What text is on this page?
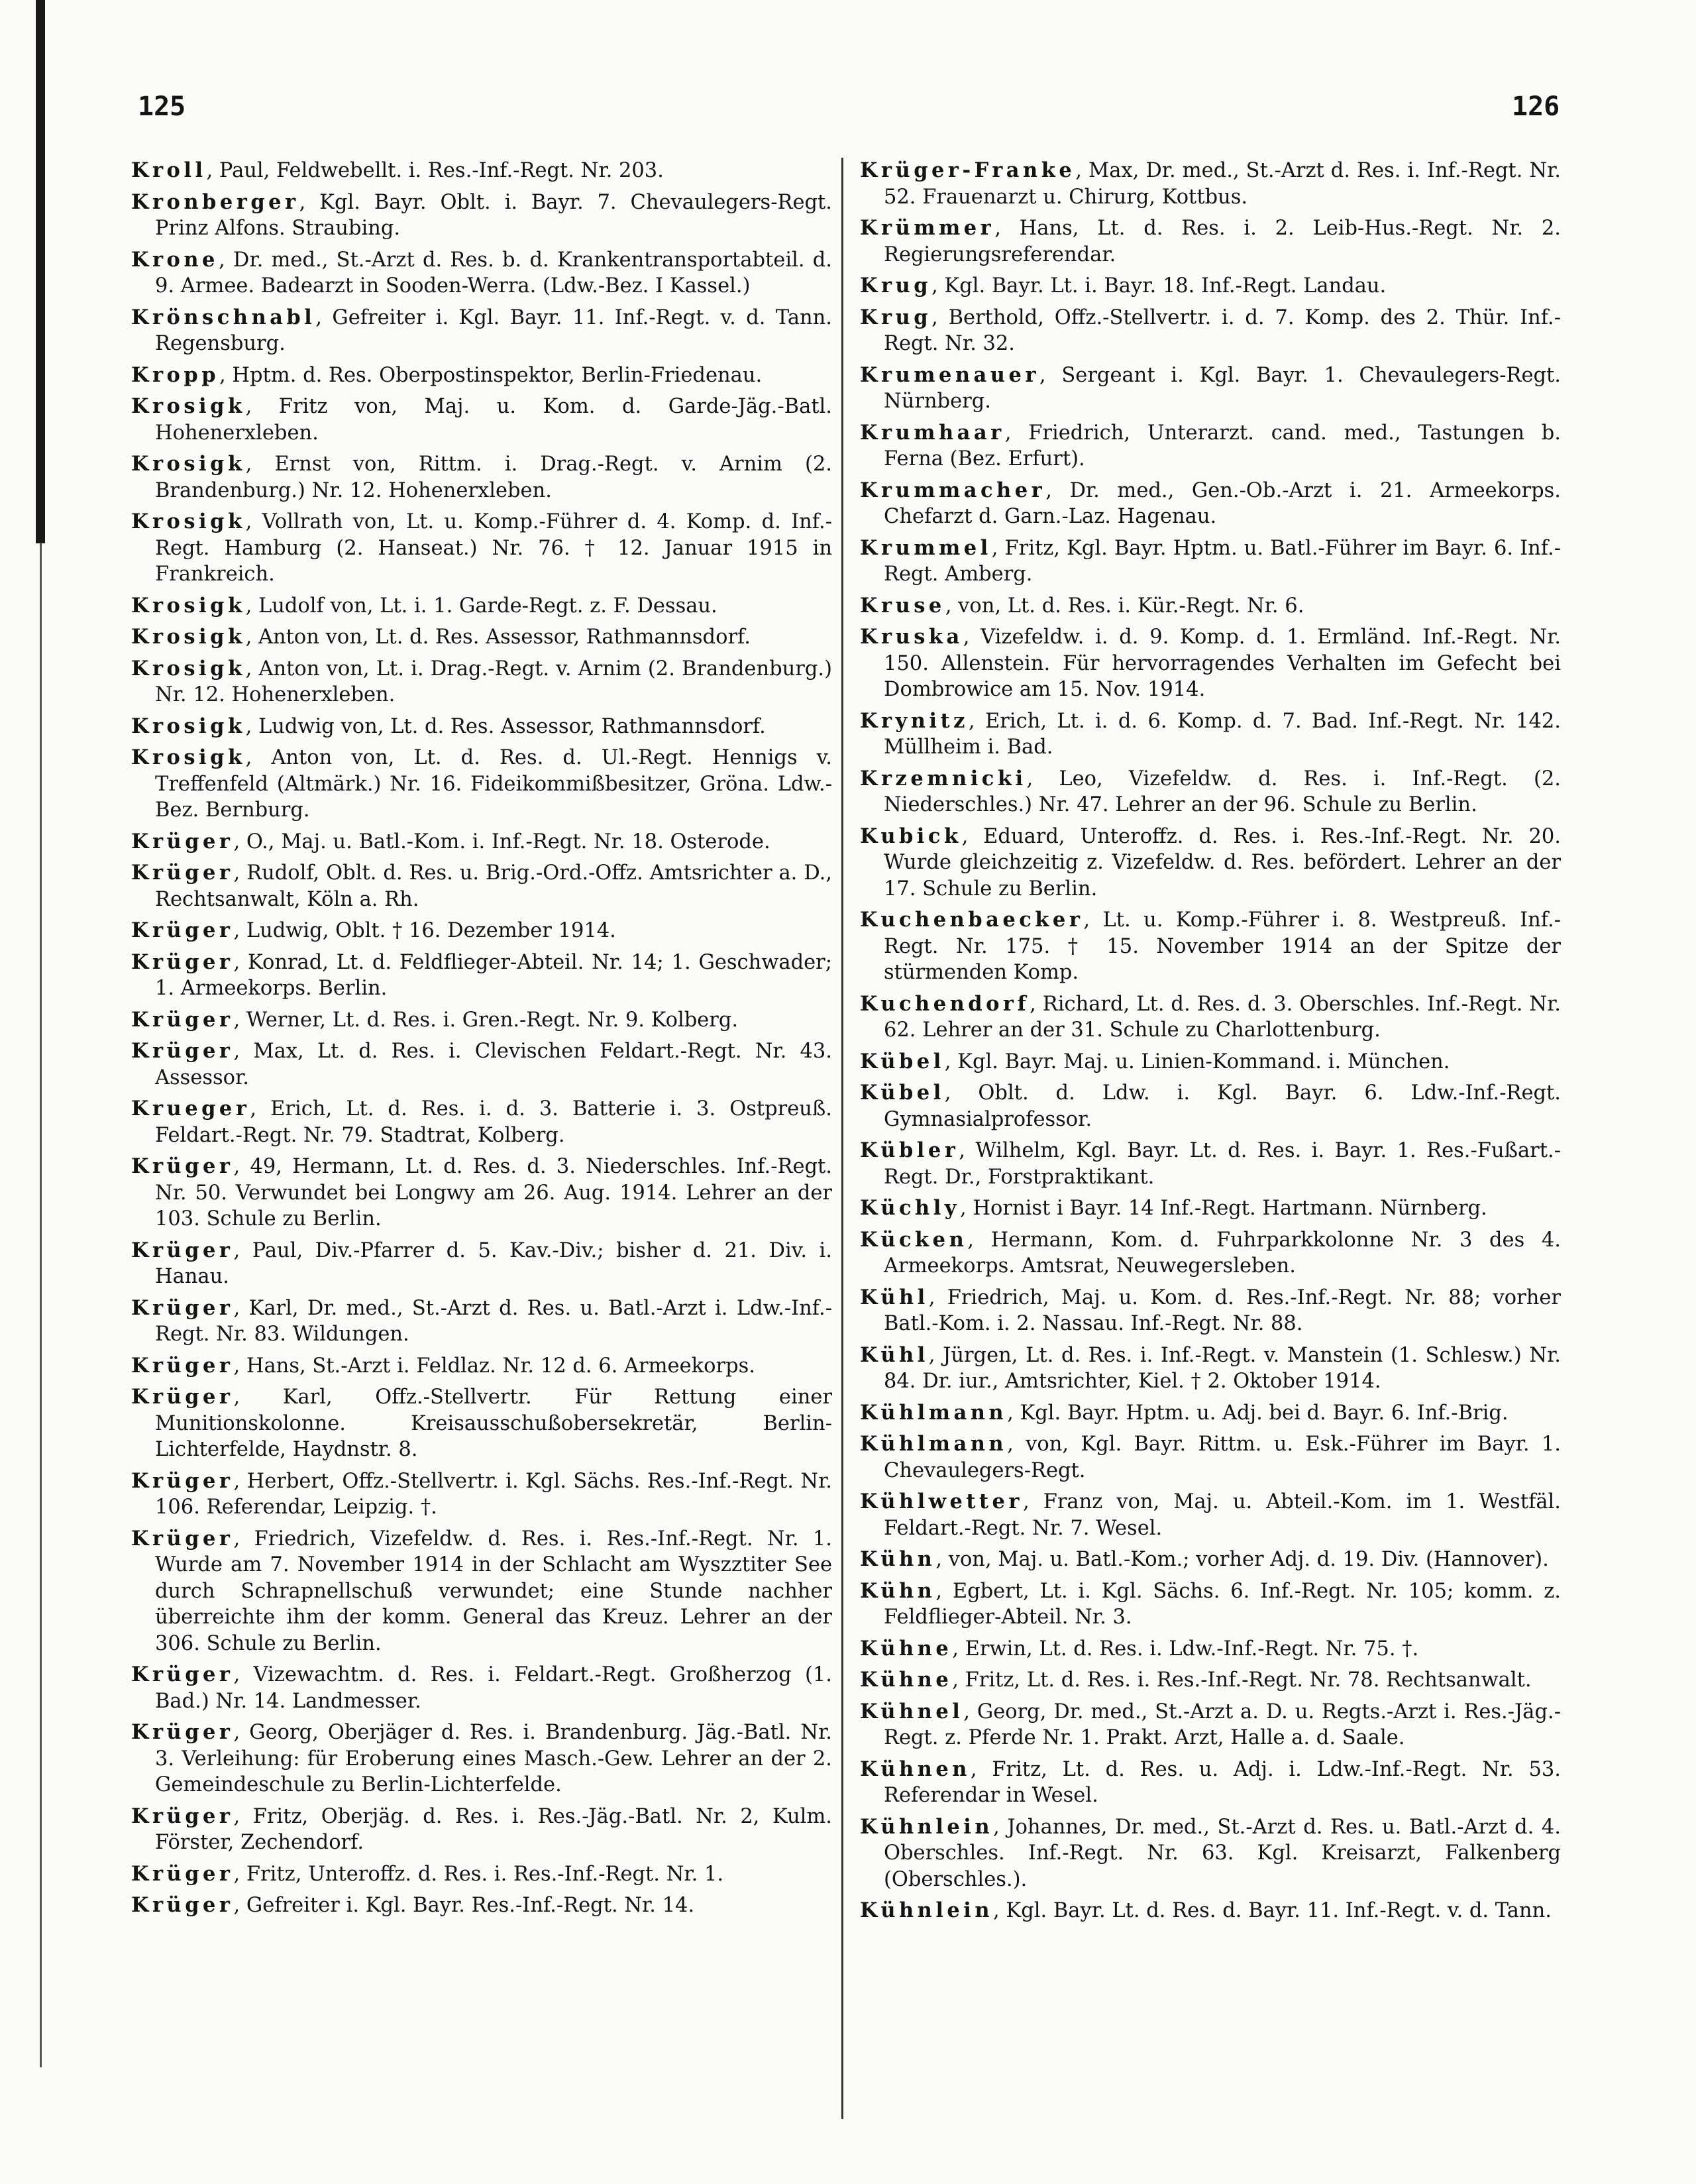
125	126
Kroll, Paul, Feldwebellt. i. Res.-Inf.-Regt. Nr. 203.
Kronberger, Kgl. Bayr. Oblt. i. Bayr. 7. Chevaulegers-Regt. Prinz Alfons. Straubing.
Krone, Dr. med., St.-Arzt d. Res. b. d. Krankentransportabteil. d. 9. Armee. Badearzt in Sooden-Werra. (Ldw.-Bez. I Kassel.)
Krönschnabl, Gefreiter i. Kgl. Bayr. 11. Inf.-Regt. v. d. Tann. Regensburg.
Kropp, Hptm. d. Res. Oberpostinspektor, Berlin-Friedenau.
Krosigk, Fritz von, Maj. u. Kom. d. Garde-Jäg.-Batl. Hohenerxleben.
Krosigk, Ernst von, Rittm. i. Drag.-Regt. v. Arnim (2. Brandenburg.) Nr. 12. Hohenerxleben.
Krosigk, Vollrath von, Lt. u. Komp.-Führer d. 4. Komp. d. Inf.-Regt. Hamburg (2. Hanseat.) Nr. 76. † 12. Januar 1915 in Frankreich.
Krosigk, Ludolf von, Lt. i. 1. Garde-Regt. z. F. Dessau.
Krosigk, Anton von, Lt. d. Res. Assessor, Rathmannsdorf.
Krosigk, Anton von, Lt. i. Drag.-Regt. v. Arnim (2. Brandenburg.) Nr. 12. Hohenerxleben.
Krosigk, Ludwig von, Lt. d. Res. Assessor, Rathmannsdorf.
Krosigk, Anton von, Lt. d. Res. d. Ul.-Regt. Hennigs v. Treffenfeld (Altmärk.) Nr. 16. Fideikommißbesitzer, Gröna. Ldw.-Bez. Bernburg.
Krüger, O., Maj. u. Batl.-Kom. i. Inf.-Regt. Nr. 18. Osterode.
Krüger, Rudolf, Oblt. d. Res. u. Brig.-Ord.-Offz. Amtsrichter a. D., Rechtsanwalt, Köln a. Rh.
Krüger, Ludwig, Oblt. † 16. Dezember 1914.
Krüger, Konrad, Lt. d. Feldflieger-Abteil. Nr. 14; 1. Geschwader; 1. Armeekorps. Berlin.
Krüger, Werner, Lt. d. Res. i. Gren.-Regt. Nr. 9. Kolberg.
Krüger, Max, Lt. d. Res. i. Clevischen Feldart.-Regt. Nr. 43. Assessor.
Krueger, Erich, Lt. d. Res. i. d. 3. Batterie i. 3. Ostpreuß. Feldart.-Regt. Nr. 79. Stadtrat, Kolberg.
Krüger, 49, Hermann, Lt. d. Res. d. 3. Niederschles. Inf.-Regt. Nr. 50. Verwundet bei Longwy am 26. Aug. 1914. Lehrer an der 103. Schule zu Berlin.
Krüger, Paul, Div.-Pfarrer d. 5. Kav.-Div.; bisher d. 21. Div. i. Hanau.
Krüger, Karl, Dr. med., St.-Arzt d. Res. u. Batl.-Arzt i. Ldw.-Inf.-Regt. Nr. 83. Wildungen.
Krüger, Hans, St.-Arzt i. Feldlaz. Nr. 12 d. 6. Armeekorps.
Krüger, Karl, Offz.-Stellvertr. Für Rettung einer Munitionskolonne. Kreisausschußobersekretär, Berlin-Lichterfelde, Haydnstr. 8.
Krüger, Herbert, Offz.-Stellvertr. i. Kgl. Sächs. Res.-Inf.-Regt. Nr. 106. Referendar, Leipzig. †.
Krüger, Friedrich, Vizefeldw. d. Res. i. Res.-Inf.-Regt. Nr. 1. Wurde am 7. November 1914 in der Schlacht am Wyszztiter See durch Schrapnellschuß verwundet; eine Stunde nachher überreichte ihm der komm. General das Kreuz. Lehrer an der 306. Schule zu Berlin.
Krüger, Vizewachtm. d. Res. i. Feldart.-Regt. Großherzog (1. Bad.) Nr. 14. Landmesser.
Krüger, Georg, Oberjäger d. Res. i. Brandenburg. Jäg.-Batl. Nr. 3. Verleihung: für Eroberung eines Masch.-Gew. Lehrer an der 2. Gemeindeschule zu Berlin-Lichterfelde.
Krüger, Fritz, Oberjäg. d. Res. i. Res.-Jäg.-Batl. Nr. 2, Kulm. Förster, Zechendorf.
Krüger, Fritz, Unteroffz. d. Res. i. Res.-Inf.-Regt. Nr. 1.
Krüger, Gefreiter i. Kgl. Bayr. Res.-Inf.-Regt. Nr. 14.
Krüger-Franke, Max, Dr. med., St.-Arzt d. Res. i. Inf.-Regt. Nr. 52. Frauenarzt u. Chirurg, Kottbus.
Krümmer, Hans, Lt. d. Res. i. 2. Leib-Hus.-Regt. Nr. 2. Regierungsreferendar.
Krug, Kgl. Bayr. Lt. i. Bayr. 18. Inf.-Regt. Landau.
Krug, Berthold, Offz.-Stellvertr. i. d. 7. Komp. des 2. Thür. Inf.-Regt. Nr. 32.
Krumenauer, Sergeant i. Kgl. Bayr. 1. Chevaulegers-Regt. Nürnberg.
Krumhaar, Friedrich, Unterarzt. cand. med., Tastungen b. Ferna (Bez. Erfurt).
Krummacher, Dr. med., Gen.-Ob.-Arzt i. 21. Armeekorps. Chefarzt d. Garn.-Laz. Hagenau.
Krummel, Fritz, Kgl. Bayr. Hptm. u. Batl.-Führer im Bayr. 6. Inf.-Regt. Amberg.
Kruse, von, Lt. d. Res. i. Kür.-Regt. Nr. 6.
Kruska, Vizefeldw. i. d. 9. Komp. d. 1. Ermländ. Inf.-Regt. Nr. 150. Allenstein. Für hervorragendes Verhalten im Gefecht bei Dombrowice am 15. Nov. 1914.
Krynitz, Erich, Lt. i. d. 6. Komp. d. 7. Bad. Inf.-Regt. Nr. 142. Müllheim i. Bad.
Krzemnicki, Leo, Vizefeldw. d. Res. i. Inf.-Regt. (2. Niederschles.) Nr. 47. Lehrer an der 96. Schule zu Berlin.
Kubick, Eduard, Unteroffz. d. Res. i. Res.-Inf.-Regt. Nr. 20. Wurde gleichzeitig z. Vizefeldw. d. Res. befördert. Lehrer an der 17. Schule zu Berlin.
Kuchenbaecker, Lt. u. Komp.-Führer i. 8. Westpreuß. Inf.-Regt. Nr. 175. † 15. November 1914 an der Spitze der stürmenden Komp.
Kuchendorf, Richard, Lt. d. Res. d. 3. Oberschles. Inf.-Regt. Nr. 62. Lehrer an der 31. Schule zu Charlottenburg.
Kübel, Kgl. Bayr. Maj. u. Linien-Kommand. i. München.
Kübel, Oblt. d. Ldw. i. Kgl. Bayr. 6. Ldw.-Inf.-Regt. Gymnasialprofessor.
Kübler, Wilhelm, Kgl. Bayr. Lt. d. Res. i. Bayr. 1. Res.-Fußart.-Regt. Dr., Forstpraktikant.
Küchly, Hornist i Bayr. 14 Inf.-Regt. Hartmann. Nürnberg.
Kücken, Hermann, Kom. d. Fuhrparkkolonne Nr. 3 des 4. Armeekorps. Amtsrat, Neuwegersleben.
Kühl, Friedrich, Maj. u. Kom. d. Res.-Inf.-Regt. Nr. 88; vorher Batl.-Kom. i. 2. Nassau. Inf.-Regt. Nr. 88.
Kühl, Jürgen, Lt. d. Res. i. Inf.-Regt. v. Manstein (1. Schlesw.) Nr. 84. Dr. iur., Amtsrichter, Kiel. † 2. Oktober 1914.
Kühlmann, Kgl. Bayr. Hptm. u. Adj. bei d. Bayr. 6. Inf.-Brig.
Kühlmann, von, Kgl. Bayr. Rittm. u. Esk.-Führer im Bayr. 1. Chevaulegers-Regt.
Kühlwetter, Franz von, Maj. u. Abteil.-Kom. im 1. Westfäl. Feldart.-Regt. Nr. 7. Wesel.
Kühn, von, Maj. u. Batl.-Kom.; vorher Adj. d. 19. Div. (Hannover).
Kühn, Egbert, Lt. i. Kgl. Sächs. 6. Inf.-Regt. Nr. 105; komm. z. Feldflieger-Abteil. Nr. 3.
Kühne, Erwin, Lt. d. Res. i. Ldw.-Inf.-Regt. Nr. 75. †.
Kühne, Fritz, Lt. d. Res. i. Res.-Inf.-Regt. Nr. 78. Rechtsanwalt.
Kühnel, Georg, Dr. med., St.-Arzt a. D. u. Regts.-Arzt i. Res.-Jäg.-Regt. z. Pferde Nr. 1. Prakt. Arzt, Halle a. d. Saale.
Kühnen, Fritz, Lt. d. Res. u. Adj. i. Ldw.-Inf.-Regt. Nr. 53. Referendar in Wesel.
Kühnlein, Johannes, Dr. med., St.-Arzt d. Res. u. Batl.-Arzt d. 4. Oberschles. Inf.-Regt. Nr. 63. Kgl. Kreisarzt, Falkenberg (Oberschles.).
Kühnlein, Kgl. Bayr. Lt. d. Res. d. Bayr. 11. Inf.-Regt. v. d. Tann.
